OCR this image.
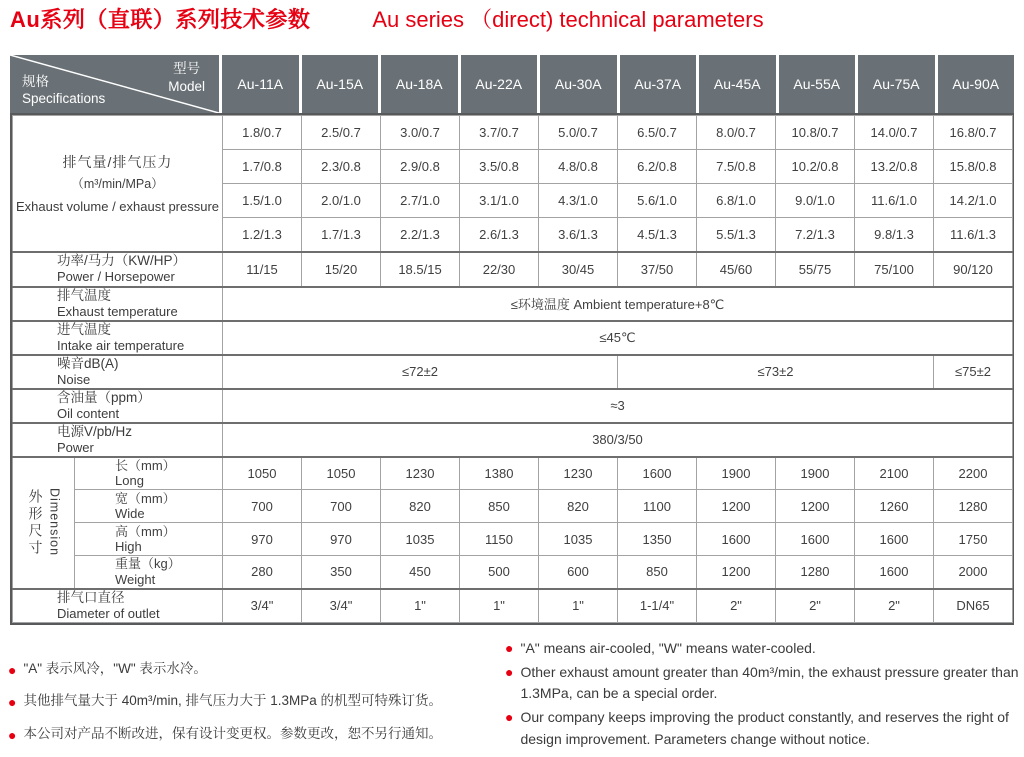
Au系列（直联）系列技术参数	Au series （direct) technical parameters
型号
Model
规格
Specifications
Au-11A	Au-15A	Au-18A	Au-22A	Au-30A	Au-37A	Au-45A	Au-55A	Au-75A	Au-90A
排气量/排气压力
（m³/min/MPa）
Exhaust volume / exhaust pressure		1.8/0.7	2.5/0.7	3.0/0.7	3.7/0.7	5.0/0.7	6.5/0.7	8.0/0.7	10.8/0.7	14.0/0.7	16.8/0.7
		1.7/0.8	2.3/0.8	2.9/0.8	3.5/0.8	4.8/0.8	6.2/0.8	7.5/0.8	10.2/0.8	13.2/0.8	15.8/0.8
		1.5/1.0	2.0/1.0	2.7/1.0	3.1/1.0	4.3/1.0	5.6/1.0	6.8/1.0	9.0/1.0	11.6/1.0	14.2/1.0
		1.2/1.3	1.7/1.3	2.2/1.3	2.6/1.3	3.6/1.3	4.5/1.3	5.5/1.3	7.2/1.3	9.8/1.3	11.6/1.3

功率/马力（KW/HP）
Power / Horsepower		11/15	15/20	18.5/15	22/30	30/45	37/50	45/60	55/75	75/100	90/120

排气温度
Exhaust temperature		≤环境温度 Ambient temperature+8℃									

进气温度
Intake air temperature		≤45℃									

噪音dB(A)
Noise		≤72±2					≤73±2				≤75±2

含油量（ppm）
Oil content		≈3									

电源V/pb/Hz
Power		380/3/50									

外形尺寸 Dimension

长（mm）
Long	1050	1050	1230	1380	1230	1600	1900	1900	2100	2200

	宽（mm）
Wide	700	700	820	850	820	1100	1200	1200	1260	1280

	高（mm）
High	970	970	1035	1150	1035	1350	1600	1600	1600	1750

	重量（kg）
Weight	280	350	450	500	600	850	1200	1280	1600	2000

排气口直径
Diameter of outlet		3/4"	3/4"	1"	1"	1"	1-1/4"	2"	2"	2"	DN65
● "A" 表示风冷，"W" 表示水冷。
● 其他排气量大于 40m³/min, 排气压力大于 1.3MPa 的机型可特殊订货。
● 本公司对产品不断改进，保有设计变更权。参数更改，恕不另行通知。
● "A" means air-cooled, "W" means water-cooled.
● Other exhaust amount greater than 40m³/min, the exhaust pressure greater than 1.3MPa, can be a special order.
● Our company keeps improving the product constantly, and reserves the right of design improvement. Parameters change without notice.
